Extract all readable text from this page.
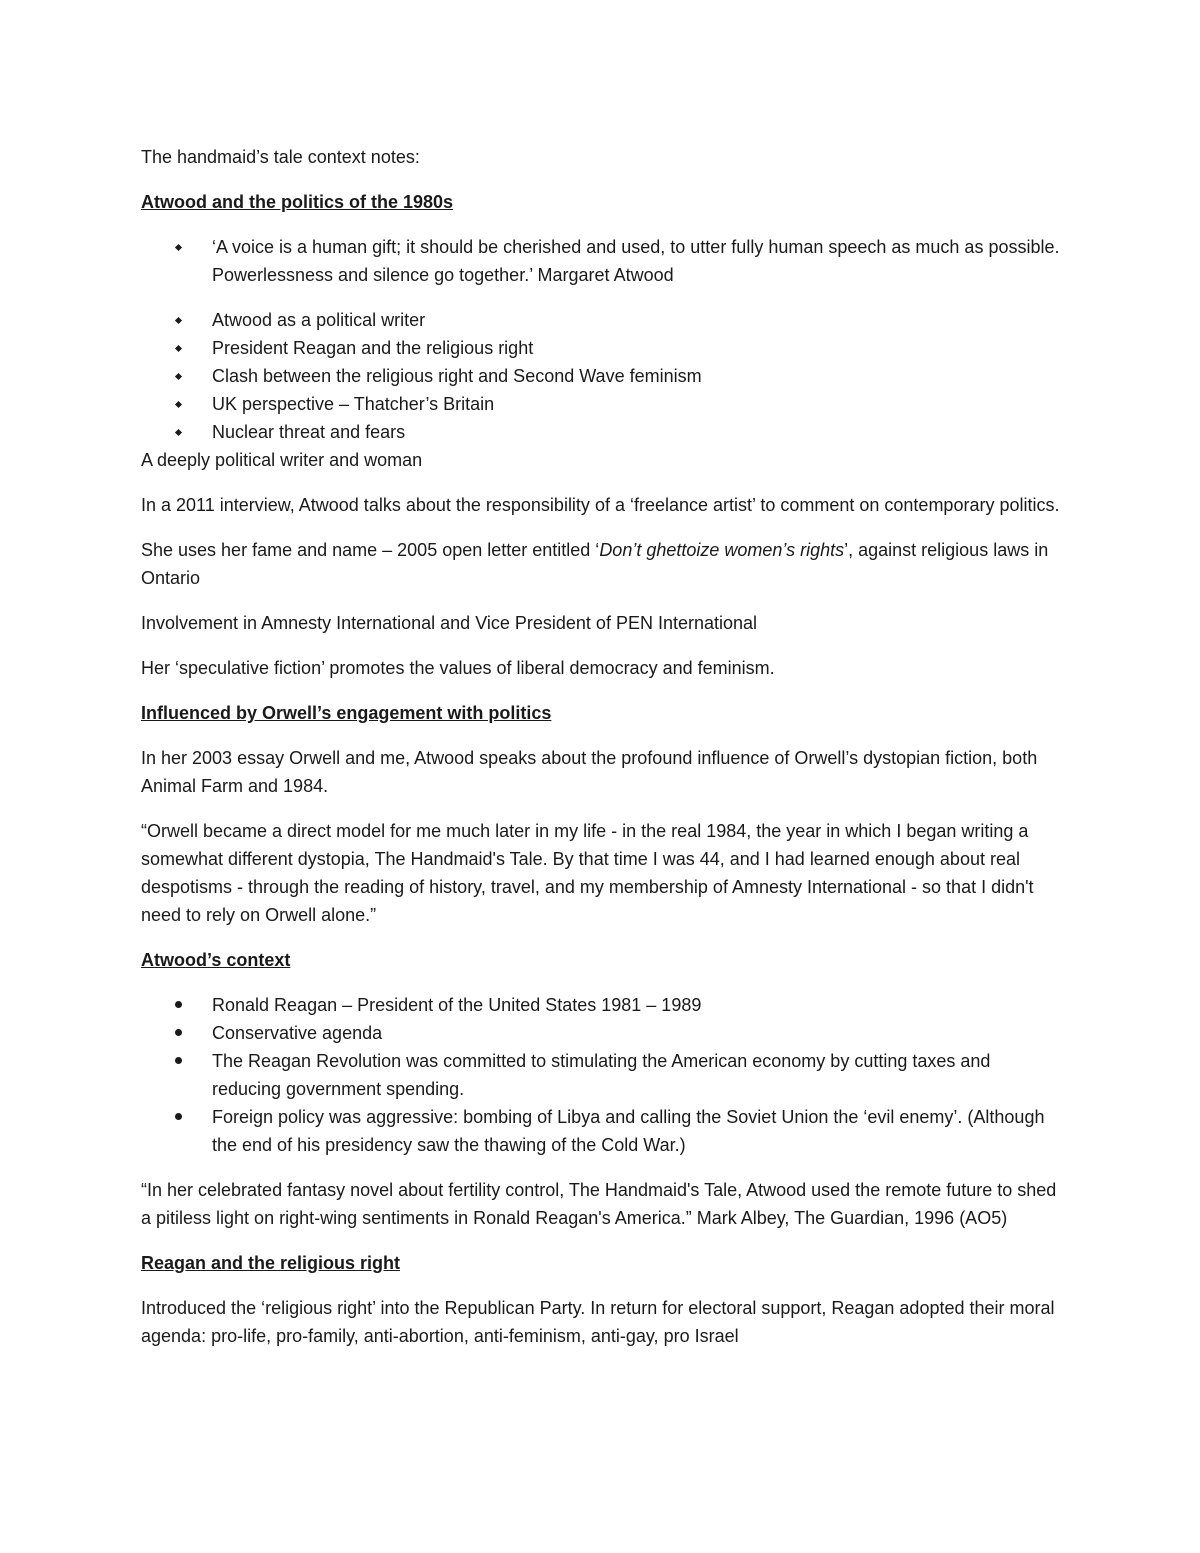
The handmaid’s tale context notes:

Atwood and the politics of the 1980s

‘A voice is a human gift; it should be cherished and used, to utter fully human speech as much as possible. Powerlessness and silence go together.’ Margaret Atwood
Atwood as a political writer
President Reagan and the religious right
Clash between the religious right and Second Wave feminism
UK perspective – Thatcher’s Britain
Nuclear threat and fears

A deeply political writer and woman

In a 2011 interview, Atwood talks about the responsibility of a ‘freelance artist’ to comment on contemporary politics.

She uses her fame and name – 2005 open letter entitled ‘Don’t ghettoize women’s rights’, against religious laws in Ontario

Involvement in Amnesty International and Vice President of PEN International

Her ‘speculative fiction’ promotes the values of liberal democracy and feminism.

Influenced by Orwell’s engagement with politics

In her 2003 essay Orwell and me, Atwood speaks about the profound influence of Orwell’s dystopian fiction, both Animal Farm and 1984.

“Orwell became a direct model for me much later in my life - in the real 1984, the year in which I began writing a somewhat different dystopia, The Handmaid's Tale. By that time I was 44, and I had learned enough about real despotisms - through the reading of history, travel, and my membership of Amnesty International - so that I didn't need to rely on Orwell alone.”

Atwood’s context

Ronald Reagan – President of the United States 1981 – 1989
Conservative agenda
The Reagan Revolution was committed to stimulating the American economy by cutting taxes and reducing government spending.
Foreign policy was aggressive: bombing of Libya and calling the Soviet Union the ‘evil enemy’. (Although the end of his presidency saw the thawing of the Cold War.)

“In her celebrated fantasy novel about fertility control, The Handmaid's Tale, Atwood used the remote future to shed a pitiless light on right-wing sentiments in Ronald Reagan's America.” Mark Albey, The Guardian, 1996 (AO5)

Reagan and the religious right

Introduced the ‘religious right’ into the Republican Party. In return for electoral support, Reagan adopted their moral agenda: pro-life, pro-family, anti-abortion, anti-feminism, anti-gay, pro Israel
